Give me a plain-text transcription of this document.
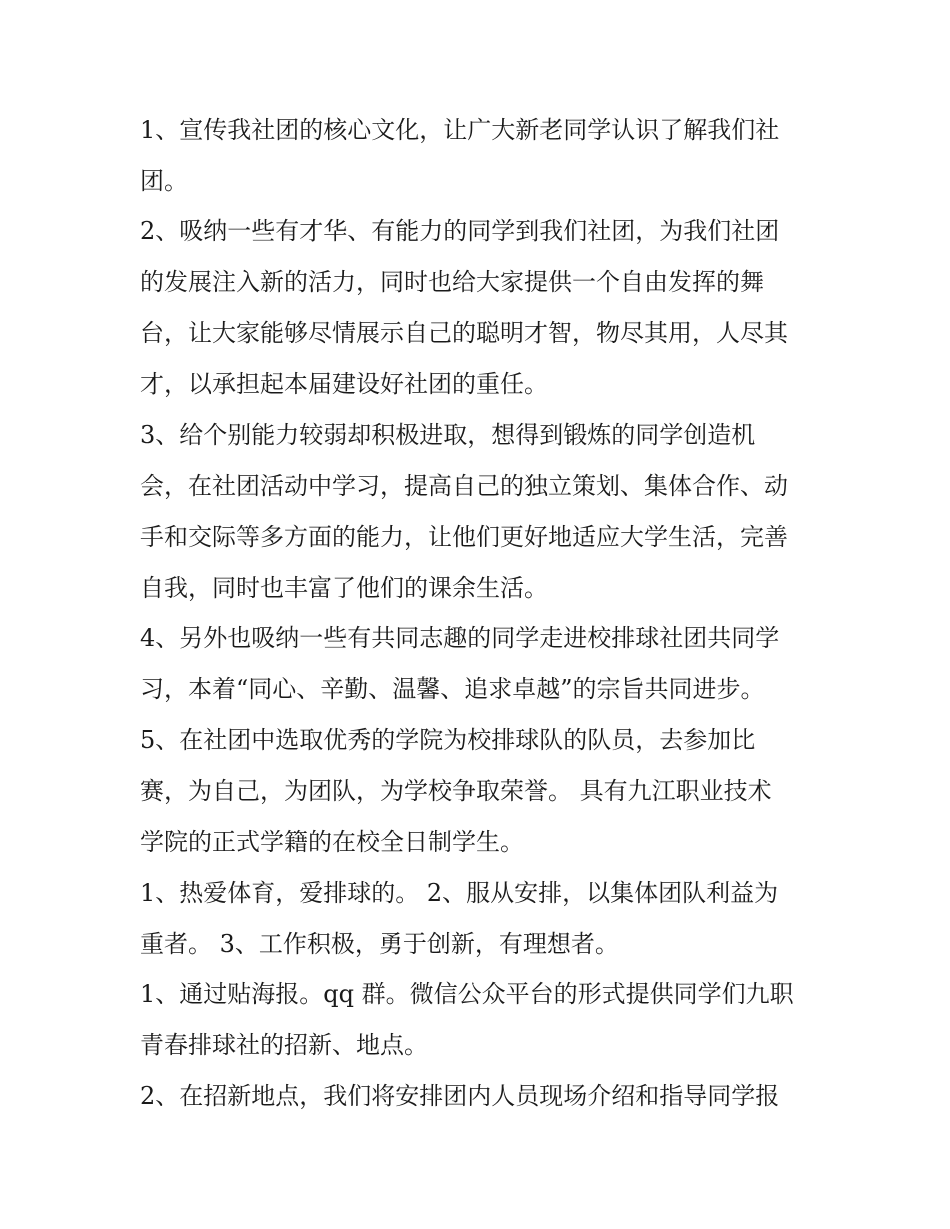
1、宣传我社团的核心文化，让广大新老同学认识了解我们社
团。
2、吸纳一些有才华、有能力的同学到我们社团，为我们社团
的发展注入新的活力，同时也给大家提供一个自由发挥的舞
台，让大家能够尽情展示自己的聪明才智，物尽其用，人尽其
才，以承担起本届建设好社团的重任。
3、给个别能力较弱却积极进取，想得到锻炼的同学创造机
会，在社团活动中学习，提高自己的独立策划、集体合作、动
手和交际等多方面的能力，让他们更好地适应大学生活，完善
自我，同时也丰富了他们的课余生活。
4、另外也吸纳一些有共同志趣的同学走进校排球社团共同学
习，本着“同心、辛勤、温馨、追求卓越”的宗旨共同进步。
5、在社团中选取优秀的学院为校排球队的队员，去参加比
赛，为自己，为团队，为学校争取荣誉。 具有九江职业技术
学院的正式学籍的在校全日制学生。
1、热爱体育，爱排球的。 2、服从安排，以集体团队利益为
重者。 3、工作积极，勇于创新，有理想者。
1、通过贴海报。qq 群。微信公众平台的形式提供同学们九职
青春排球社的招新、地点。
2、在招新地点，我们将安排团内人员现场介绍和指导同学报
